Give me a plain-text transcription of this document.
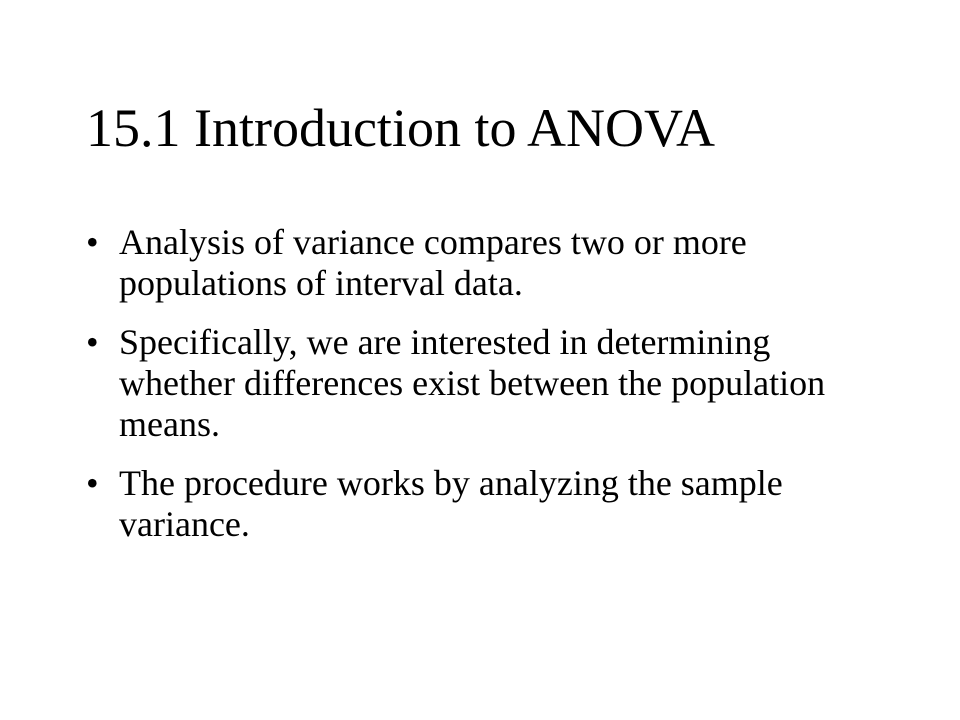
15.1 Introduction to ANOVA
• Analysis of variance compares two or more populations of interval data.
• Specifically, we are interested in determining whether differences exist between the population means.
• The procedure works by analyzing the sample variance.
